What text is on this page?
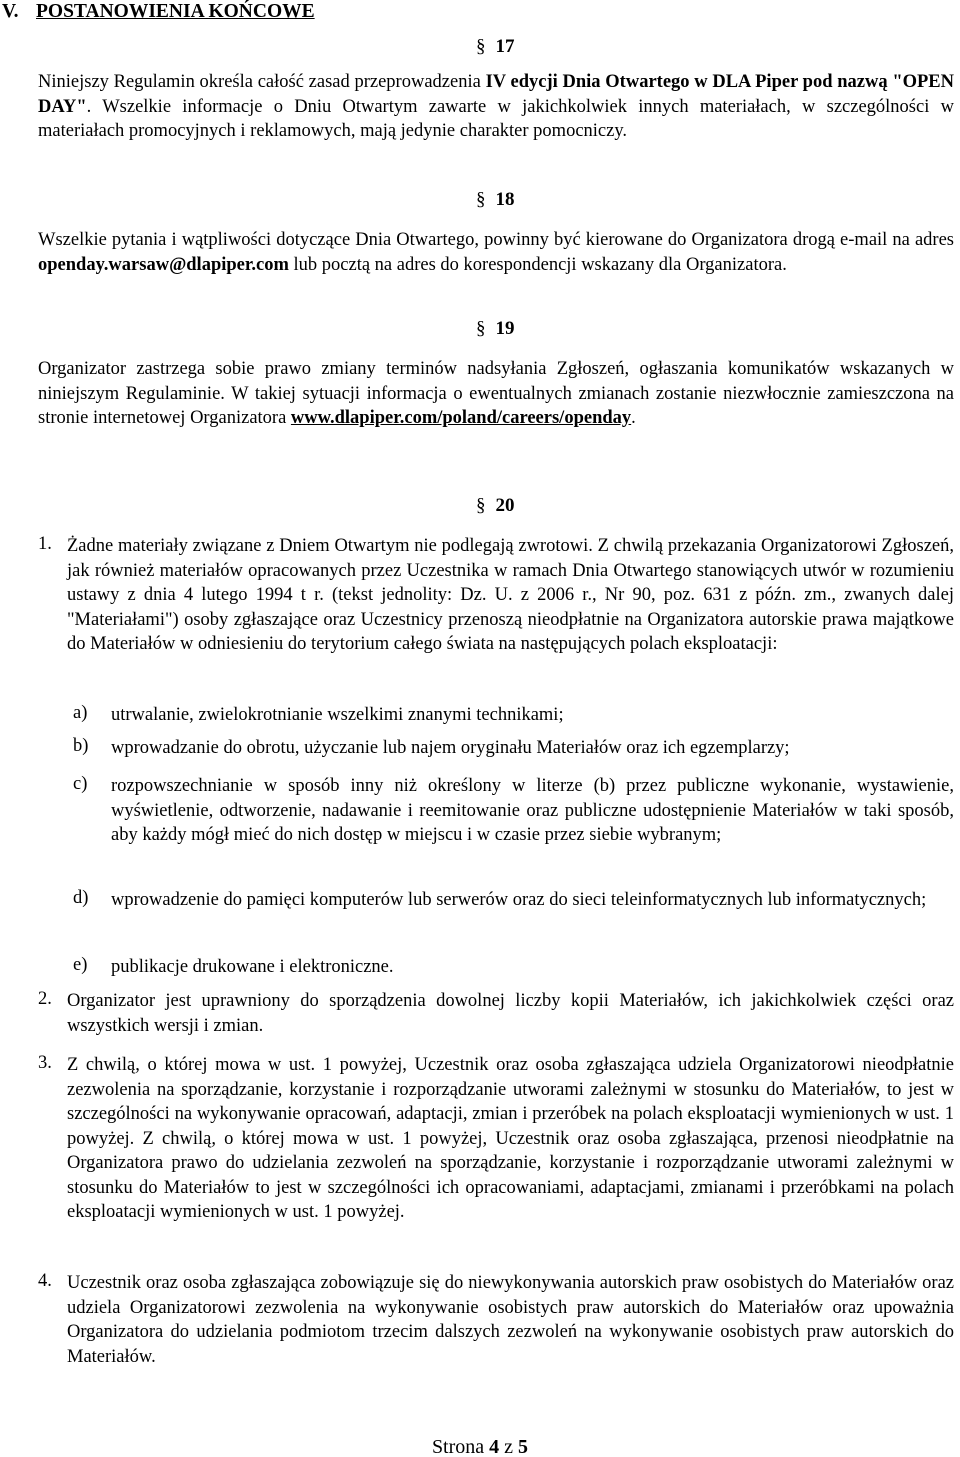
V. POSTANOWIENIA KOŃCOWE
§ 17

Niniejszy Regulamin określa całość zasad przeprowadzenia IV edycji Dnia Otwartego w DLA Piper pod nazwą "OPEN DAY". Wszelkie informacje o Dniu Otwartym zawarte w jakichkolwiek innych materiałach, w szczególności w materiałach promocyjnych i reklamowych, mają jedynie charakter pomocniczy.

§ 18

Wszelkie pytania i wątpliwości dotyczące Dnia Otwartego, powinny być kierowane do Organizatora drogą e-mail na adres openday.warsaw@dlapiper.com lub pocztą na adres do korespondencji wskazany dla Organizatora.

§ 19

Organizator zastrzega sobie prawo zmiany terminów nadsyłania Zgłoszeń, ogłaszania komunikatów wskazanych w niniejszym Regulaminie. W takiej sytuacji informacja o ewentualnych zmianach zostanie niezwłocznie zamieszczona na stronie internetowej Organizatora www.dlapiper.com/poland/careers/openday.

§ 20
1. Żadne materiały związane z Dniem Otwartym nie podlegają zwrotowi. Z chwilą przekazania Organizatorowi Zgłoszeń, jak również materiałów opracowanych przez Uczestnika w ramach Dnia Otwartego stanowiących utwór w rozumieniu ustawy z dnia 4 lutego 1994 t r. (tekst jednolity: Dz. U. z 2006 r., Nr 90, poz. 631 z późn. zm., zwanych dalej "Materiałami") osoby zgłaszające oraz Uczestnicy przenoszą nieodpłatnie na Organizatora autorskie prawa majątkowe do Materiałów w odniesieniu do terytorium całego świata na następujących polach eksploatacji:

a) utrwalanie, zwielokrotnianie wszelkimi znanymi technikami;

b) wprowadzanie do obrotu, użyczanie lub najem oryginału Materiałów oraz ich egzemplarzy;

c) rozpowszechnianie w sposób inny niż określony w literze (b) przez publiczne wykonanie, wystawienie, wyświetlenie, odtworzenie, nadawanie i reemitowanie oraz publiczne udostępnienie Materiałów w taki sposób, aby każdy mógł mieć do nich dostęp w miejscu i w czasie przez siebie wybranym;

d) wprowadzenie do pamięci komputerów lub serwerów oraz do sieci teleinformatycznych lub informatycznych;

e) publikacje drukowane i elektroniczne.

2. Organizator jest uprawniony do sporządzenia dowolnej liczby kopii Materiałów, ich jakichkolwiek części oraz wszystkich wersji i zmian.

3. Z chwilą, o której mowa w ust. 1 powyżej, Uczestnik oraz osoba zgłaszająca udziela Organizatorowi nieodpłatnie zezwolenia na sporządzanie, korzystanie i rozporządzanie utworami zależnymi w stosunku do Materiałów, to jest w szczególności na wykonywanie opracowań, adaptacji, zmian i przeróbek na polach eksploatacji wymienionych w ust. 1 powyżej. Z chwilą, o której mowa w ust. 1 powyżej, Uczestnik oraz osoba zgłaszająca, przenosi nieodpłatnie na Organizatora prawo do udzielania zezwoleń na sporządzanie, korzystanie i rozporządzanie utworami zależnymi w stosunku do Materiałów to jest w szczególności ich opracowaniami, adaptacjami, zmianami i przeróbkami na polach eksploatacji wymienionych w ust. 1 powyżej.

4. Uczestnik oraz osoba zgłaszająca zobowiązuje się do niewykonywania autorskich praw osobistych do Materiałów oraz udziela Organizatorowi zezwolenia na wykonywanie osobistych praw autorskich do Materiałów oraz upoważnia Organizatora do udzielania podmiotom trzecim dalszych zezwoleń na wykonywanie osobistych praw autorskich do Materiałów.

Strona 4 z 5
